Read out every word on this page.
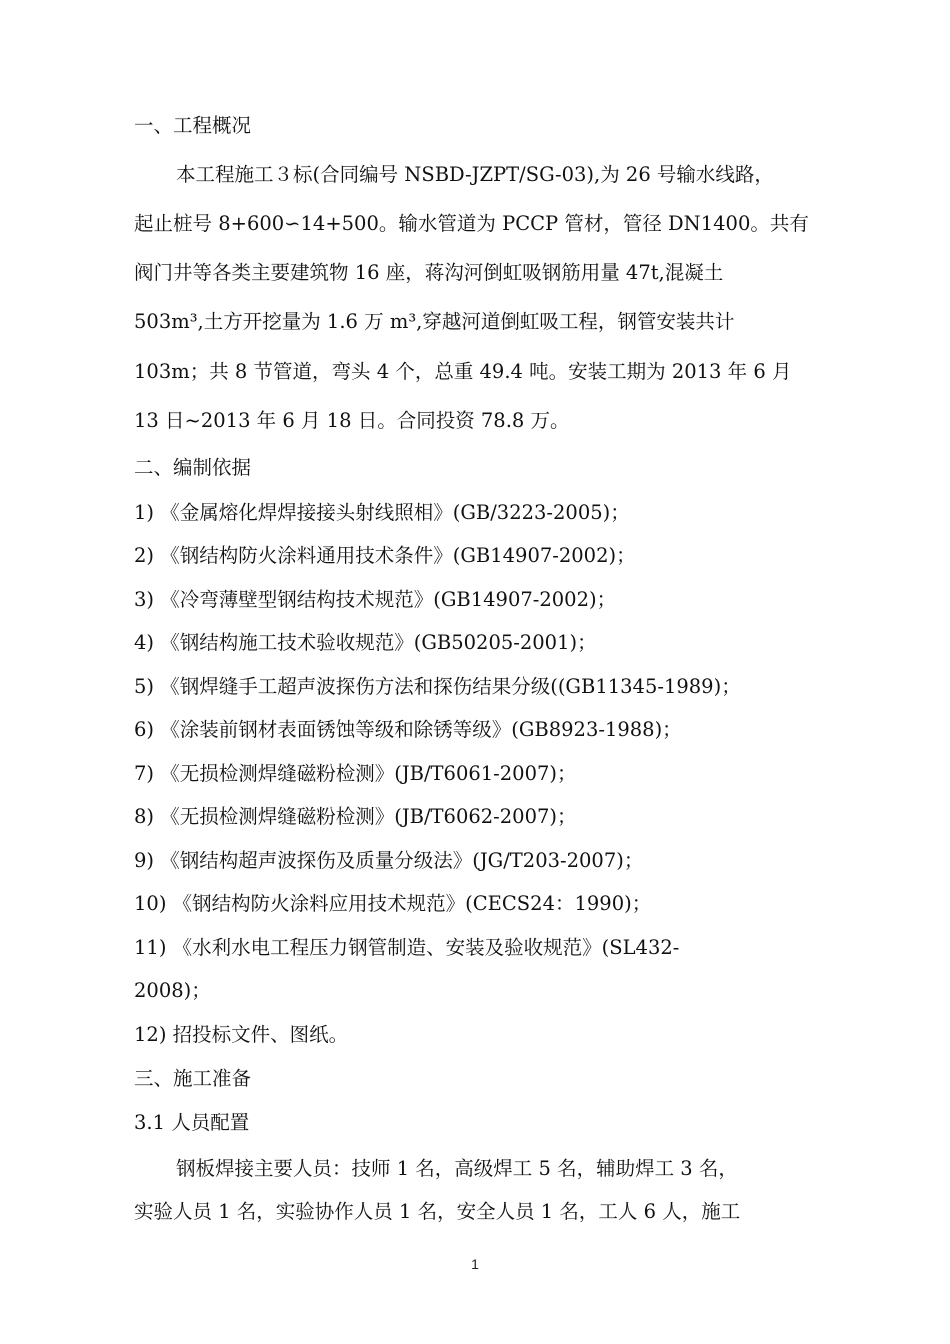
一、工程概况
本工程施工３标(合同编号 NSBD-JZPT/SG-03),为 26 号输水线路，
起止桩号 8+600∽14+500。输水管道为 PCCP 管材，管径 DN1400。共有
阀门井等各类主要建筑物 16 座，蒋沟河倒虹吸钢筋用量 47t,混凝土
503m³,土方开挖量为 1.6 万 m³,穿越河道倒虹吸工程，钢管安装共计
103m；共 8 节管道，弯头 4 个，总重 49.4 吨。安装工期为 2013 年 6 月
13 日~2013 年 6 月 18 日。合同投资 78.8 万。
二、编制依据
1) 《金属熔化焊焊接接头射线照相》(GB/3223-2005)；
2) 《钢结构防火涂料通用技术条件》(GB14907-2002)；
3) 《冷弯薄壁型钢结构技术规范》(GB14907-2002)；
4) 《钢结构施工技术验收规范》(GB50205-2001)；
5) 《钢焊缝手工超声波探伤方法和探伤结果分级((GB11345-1989)；
6) 《涂装前钢材表面锈蚀等级和除锈等级》(GB8923-1988)；
7) 《无损检测焊缝磁粉检测》(JB/T6061-2007)；
8) 《无损检测焊缝磁粉检测》(JB/T6062-2007)；
9) 《钢结构超声波探伤及质量分级法》(JG/T203-2007)；
10) 《钢结构防火涂料应用技术规范》(CECS24：1990)；
11) 《水利水电工程压力钢管制造、安装及验收规范》(SL432-
2008)；
12) 招投标文件、图纸。
三、施工准备
3.1 人员配置
钢板焊接主要人员：技师 1 名，高级焊工 5 名，辅助焊工 3 名，
实验人员 1 名，实验协作人员 1 名，安全人员 1 名，工人 6 人，施工
1
